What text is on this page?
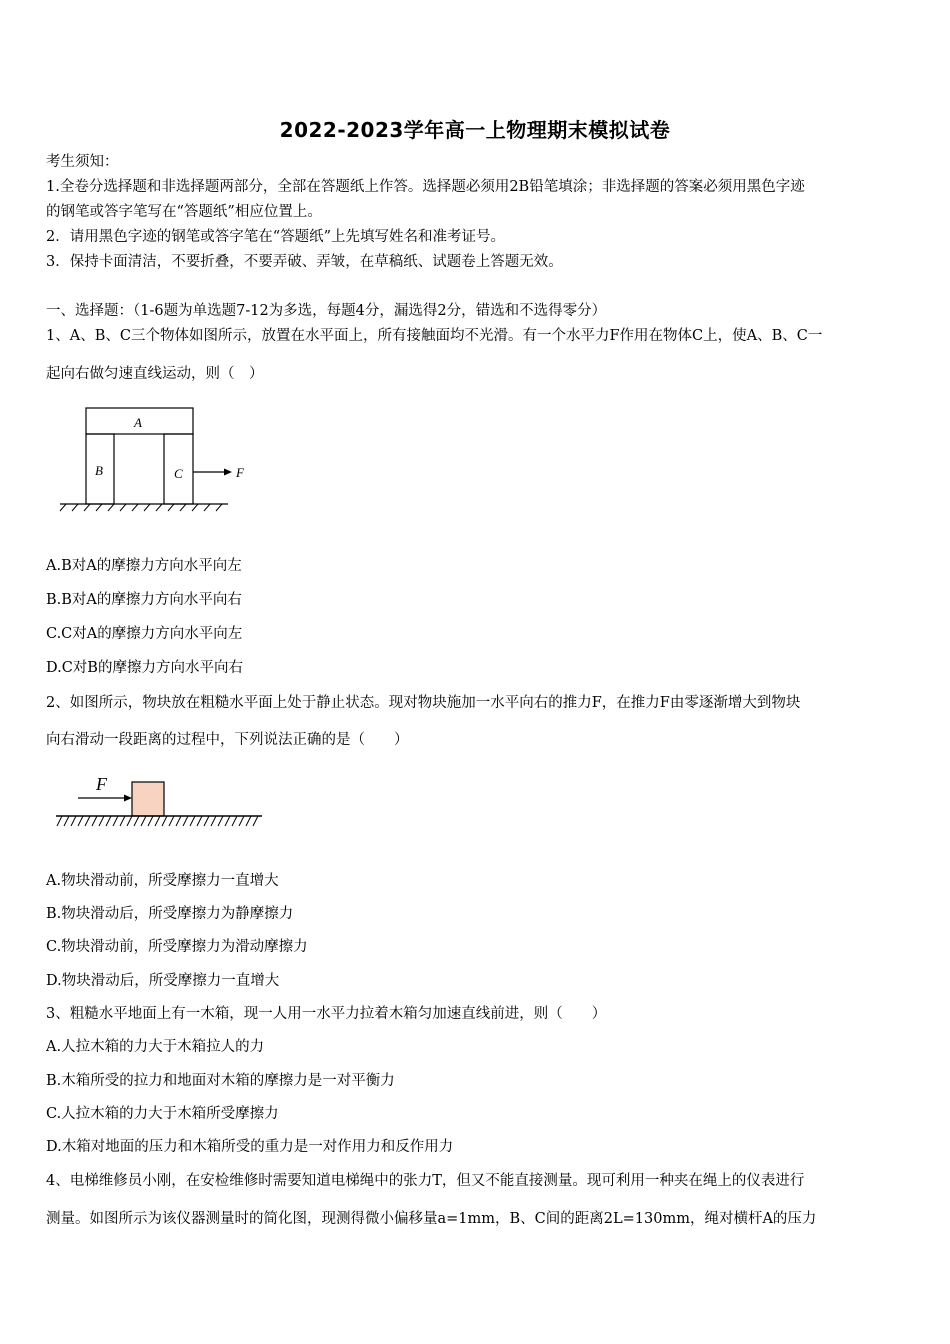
2022-2023学年高一上物理期末模拟试卷
考生须知：
1.全卷分选择题和非选择题两部分，全部在答题纸上作答。选择题必须用2B铅笔填涂；非选择题的答案必须用黑色字迹
的钢笔或答字笔写在“答题纸”相应位置上。
2．请用黑色字迹的钢笔或答字笔在“答题纸”上先填写姓名和准考证号。
3．保持卡面清洁，不要折叠，不要弄破、弄皱，在草稿纸、试题卷上答题无效。
一、选择题：（1-6题为单选题7-12为多选，每题4分，漏选得2分，错选和不选得零分）
1、A、B、C三个物体如图所示，放置在水平面上，所有接触面均不光滑。有一个水平力F作用在物体C上，使A、B、C一
起向右做匀速直线运动，则（　）
A
B	C	F
A.B对A的摩擦力方向水平向左
B.B对A的摩擦力方向水平向右
C.C对A的摩擦力方向水平向左
D.C对B的摩擦力方向水平向右
2、如图所示，物块放在粗糙水平面上处于静止状态。现对物块施加一水平向右的推力F，在推力F由零逐渐增大到物块
向右滑动一段距离的过程中，下列说法正确的是（　　）
F
A.物块滑动前，所受摩擦力一直增大
B.物块滑动后，所受摩擦力为静摩擦力
C.物块滑动前，所受摩擦力为滑动摩擦力
D.物块滑动后，所受摩擦力一直增大
3、粗糙水平地面上有一木箱，现一人用一水平力拉着木箱匀加速直线前进，则（　　）
A.人拉木箱的力大于木箱拉人的力
B.木箱所受的拉力和地面对木箱的摩擦力是一对平衡力
C.人拉木箱的力大于木箱所受摩擦力
D.木箱对地面的压力和木箱所受的重力是一对作用力和反作用力
4、电梯维修员小刚，在安检维修时需要知道电梯绳中的张力T，但又不能直接测量。现可利用一种夹在绳上的仪表进行
测量。如图所示为该仪器测量时的简化图，现测得微小偏移量a=1mm，B、C间的距离2L=130mm，绳对横杆A的压力
